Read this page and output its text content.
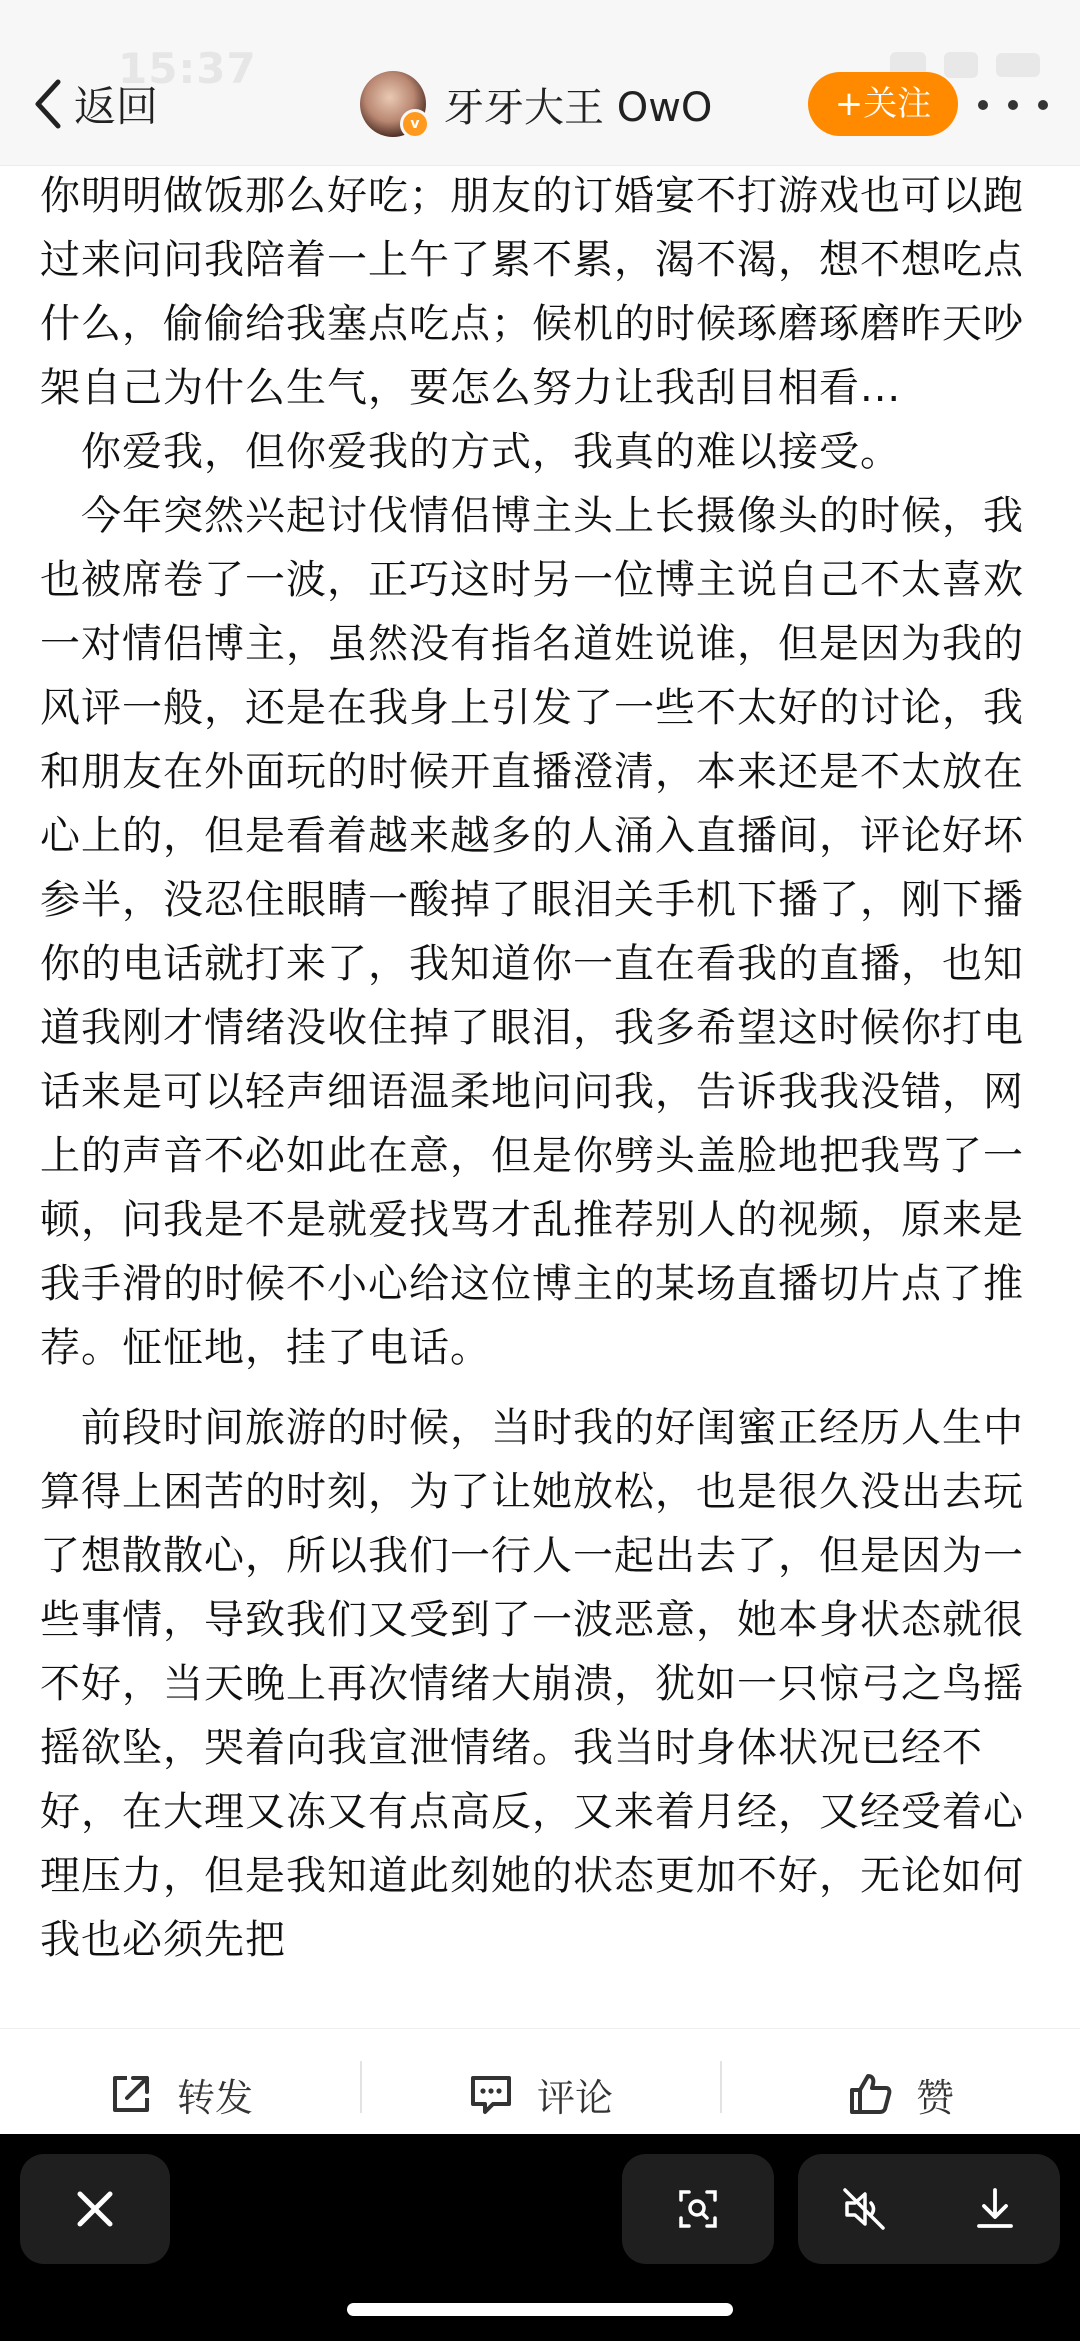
15:37
返回	v 牙牙大王 OwO	+关注

你明明做饭那么好吃；朋友的订婚宴不打游戏也可以跑过来问问我陪着一上午了累不累，渴不渴，想不想吃点什么，偷偷给我塞点吃点；候机的时候琢磨琢磨昨天吵架自己为什么生气，要怎么努力让我刮目相看...

 你爱我，但你爱我的方式，我真的难以接受。

 今年突然兴起讨伐情侣博主头上长摄像头的时候，我也被席卷了一波，正巧这时另一位博主说自己不太喜欢一对情侣博主，虽然没有指名道姓说谁，但是因为我的风评一般，还是在我身上引发了一些不太好的讨论，我和朋友在外面玩的时候开直播澄清，本来还是不太放在心上的，但是看着越来越多的人涌入直播间，评论好坏参半，没忍住眼睛一酸掉了眼泪关手机下播了，刚下播你的电话就打来了，我知道你一直在看我的直播，也知道我刚才情绪没收住掉了眼泪，我多希望这时候你打电话来是可以轻声细语温柔地问问我，告诉我我没错，网上的声音不必如此在意，但是你劈头盖脸地把我骂了一顿，问我是不是就爱找骂才乱推荐别人的视频，原来是我手滑的时候不小心给这位博主的某场直播切片点了推荐。怔怔地，挂了电话。

 前段时间旅游的时候，当时我的好闺蜜正经历人生中算得上困苦的时刻，为了让她放松，也是很久没出去玩了想散散心，所以我们一行人一起出去了，但是因为一些事情，导致我们又受到了一波恶意，她本身状态就很不好，当天晚上再次情绪大崩溃，犹如一只惊弓之鸟摇摇欲坠，哭着向我宣泄情绪。我当时身体状况已经不好，在大理又冻又有点高反，又来着月经，又经受着心理压力，但是我知道此刻她的状态更加不好，无论如何我也必须先把

转发	评论	赞
